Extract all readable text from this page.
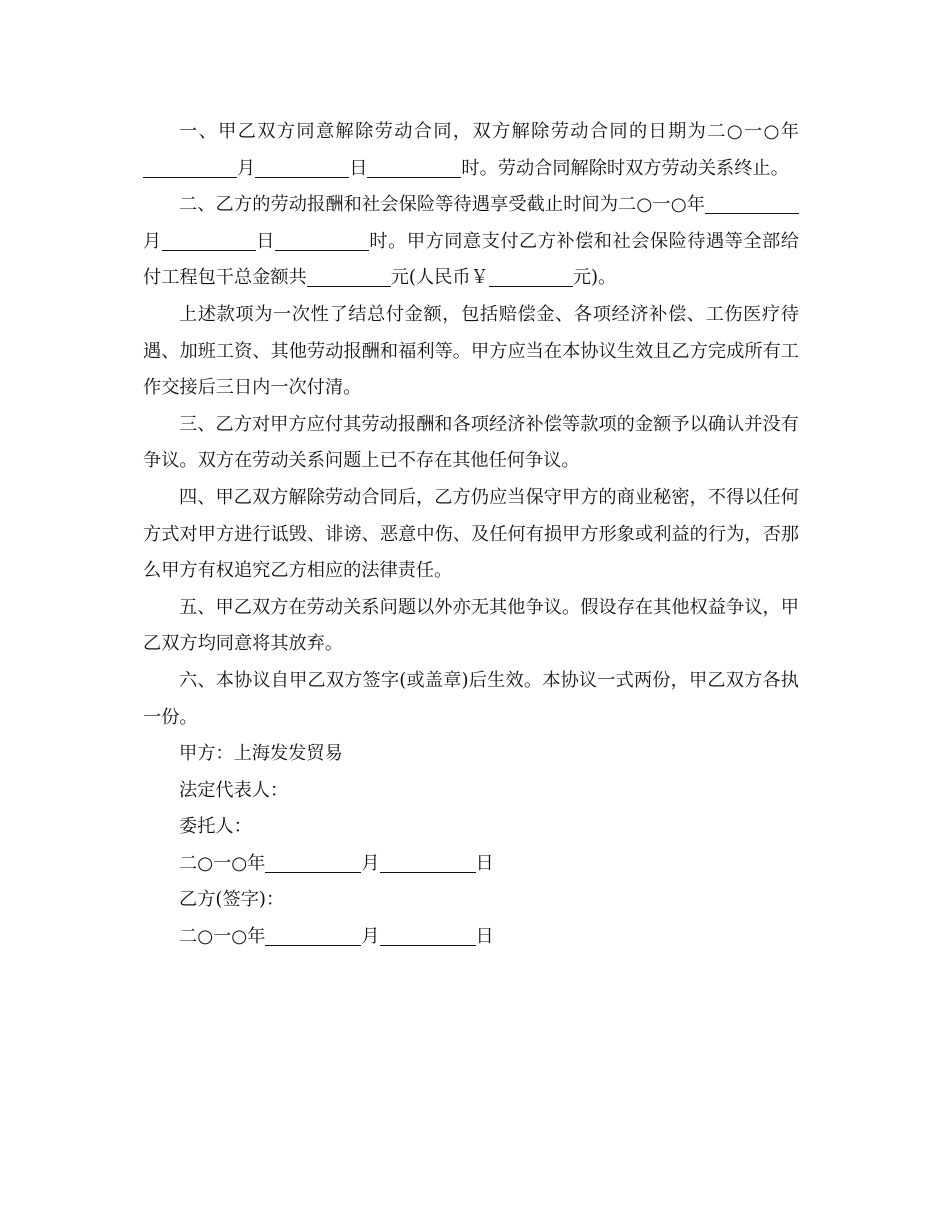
一、甲乙双方同意解除劳动合同，双方解除劳动合同的日期为二○一○年月	日	时。劳动合同解除时双方劳动关系终止。

二、乙方的劳动报酬和社会保险等待遇享受截止时间为二○一○年月	日	时。甲方同意支付乙方补偿和社会保险待遇等全部给付工程包干总金额共	元(人民币￥	元)。

上述款项为一次性了结总付金额，包括赔偿金、各项经济补偿、工伤医疗待遇、加班工资、其他劳动报酬和福利等。甲方应当在本协议生效且乙方完成所有工作交接后三日内一次付清。

三、乙方对甲方应付其劳动报酬和各项经济补偿等款项的金额予以确认并没有争议。双方在劳动关系问题上已不存在其他任何争议。

四、甲乙双方解除劳动合同后，乙方仍应当保守甲方的商业秘密，不得以任何方式对甲方进行诋毁、诽谤、恶意中伤、及任何有损甲方形象或利益的行为，否那么甲方有权追究乙方相应的法律责任。

五、甲乙双方在劳动关系问题以外亦无其他争议。假设存在其他权益争议，甲乙双方均同意将其放弃。

六、本协议自甲乙双方签字(或盖章)后生效。本协议一式两份，甲乙双方各执一份。

甲方：上海发发贸易

法定代表人：

委托人：

二○一○年	月	日

乙方(签字)：

二○一○年	月	日
